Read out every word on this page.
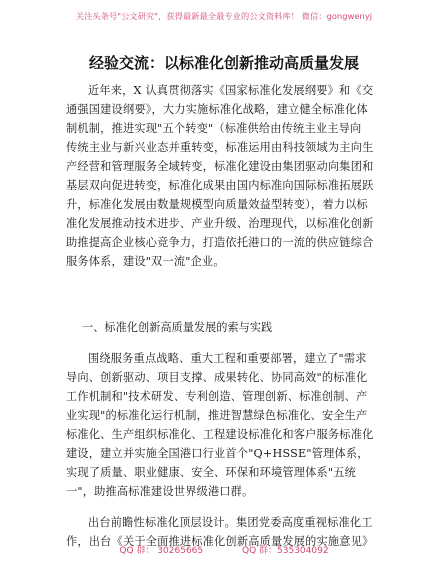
关注头条号"公文研究"，获得最新最全最专业的公文资料库！ 微信：gongwenyj
经验交流：以标准化创新推动高质量发展
近年来，X 认真贯彻落实《国家标准化发展纲要》和《交
通强国建设纲要》，大力实施标准化战略，建立健全标准化体
制机制，推进实现"五个转变"（标准供给由传统主业主导向
传统主业与新兴业态并重转变，标准运用由科技领域为主向生
产经营和管理服务全域转变，标准化建设由集团驱动向集团和
基层双向促进转变，标准化成果由国内标准向国际标准拓展跃
升，标准化发展由数量规模型向质量效益型转变），着力以标
准化发展推动技术进步、产业升级、治理现代，以标准化创新
助推提高企业核心竞争力，打造依托港口的一流的供应链综合
服务体系，建设"双一流"企业。
一、标准化创新高质量发展的索与实践
围绕服务重点战略、重大工程和重要部署，建立了"需求
导向、创新驱动、项目支撑、成果转化、协同高效"的标准化
工作机制和"技术研发、专利创造、管理创新、标准创制、产
业实现"的标准化运行机制，推进智慧绿色标准化、安全生产
标准化、生产组织标准化、工程建设标准化和客户服务标准化
建设，建立并实施全国港口行业首个"Q+HSSE"管理体系，
实现了质量、职业健康、安全、环保和环境管理体系"五统
一"，助推高标准建设世界级港口群。
出台前瞻性标准化顶层设计。集团党委高度重视标准化工
作，出台《关于全面推进标准化创新高质量发展的实施意见》
QQ 群： 30265665	QQ 群：535304092
